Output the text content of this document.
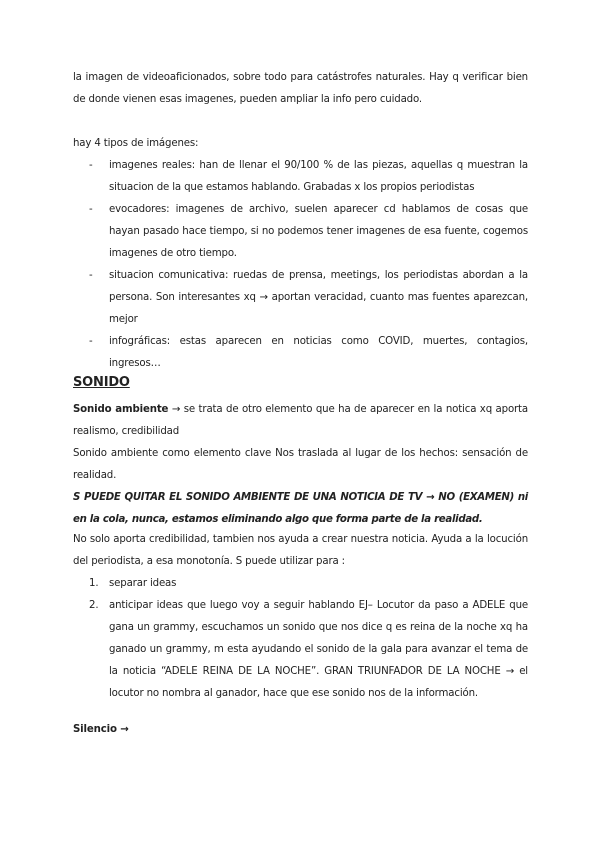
la imagen de videoaficionados, sobre todo para catástrofes naturales. Hay q verificar bien de donde vienen esas imagenes, pueden ampliar la info pero cuidado.

hay 4 tipos de imágenes:

- imagenes reales: han de llenar el 90/100 % de las piezas, aquellas q muestran la situacion de la que estamos hablando. Grabadas x los propios periodistas
- evocadores: imagenes de archivo, suelen aparecer cd hablamos de cosas que hayan pasado hace tiempo, si no podemos tener imagenes de esa fuente, cogemos imagenes de otro tiempo.
- situacion comunicativa: ruedas de prensa, meetings, los periodistas abordan a la persona. Son interesantes xq → aportan veracidad, cuanto mas fuentes aparezcan, mejor
- infográficas: estas aparecen en noticias como COVID, muertes, contagios, ingresos…
SONIDO

Sonido ambiente → se trata de otro elemento que ha de aparecer en la notica xq aporta realismo, credibilidad

Sonido ambiente como elemento clave Nos traslada al lugar de los hechos: sensación de realidad.

S PUEDE QUITAR EL SONIDO AMBIENTE DE UNA NOTICIA DE TV → NO (EXAMEN) ni en la cola, nunca, estamos eliminando algo que forma parte de la realidad.

No solo aporta credibilidad, tambien nos ayuda a crear nuestra noticia. Ayuda a la locución del periodista, a esa monotonía. S puede utilizar para :

1. separar ideas
2. anticipar ideas que luego voy a seguir hablando EJ– Locutor da paso a ADELE que gana un grammy, escuchamos un sonido que nos dice q es reina de la noche xq ha ganado un grammy, m esta ayudando el sonido de la gala para avanzar el tema de la noticia “ADELE REINA DE LA NOCHE”. GRAN TRIUNFADOR DE LA NOCHE → el locutor no nombra al ganador, hace que ese sonido nos de la información.

Silencio →
